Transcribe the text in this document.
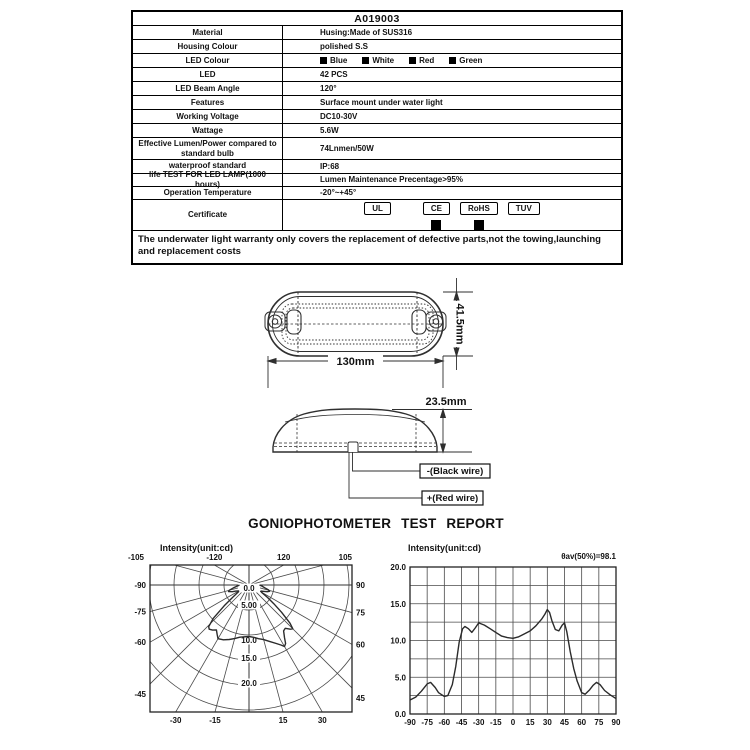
A019003
Material	Husing:Made of SUS316
Housing Colour	polished S.S
LED Colour	Blue	White	Red	Green
LED	42 PCS
LED Beam Angle	120°
Features	Surface mount under water light
Working Voltage	DC10-30V
Wattage	5.6W
Effective Lumen/Power compared to standard bulb	74Lnmen/50W
waterproof standard	IP:68
life TEST FOR LED LAMP(1000 hours)	Lumen Maintenance Precentage>95%
Operation Temperature	-20°~+45°
Certificate
UL	CE	RoHS	TUV
The underwater light warranty only covers the replacement of defective parts,not the towing,launching and replacement costs
130mm
41.5mm
23.5mm
-(Black wire)
+(Red wire)
GONIOPHOTOMETER TEST REPORT
-90
-75
-60
-45
90
75
60
45
-30	-15	15	30
-105	-120	120	105
0.0
5.00
10.0
15.0
20.0
Intensity(unit:cd)
20.0
15.0
10.0
5.0
0.0
-90 -75 -60 -45 -30 -15 0 15 30 45 60 75 90
Intensity(unit:cd)
θav(50%)=98.1
